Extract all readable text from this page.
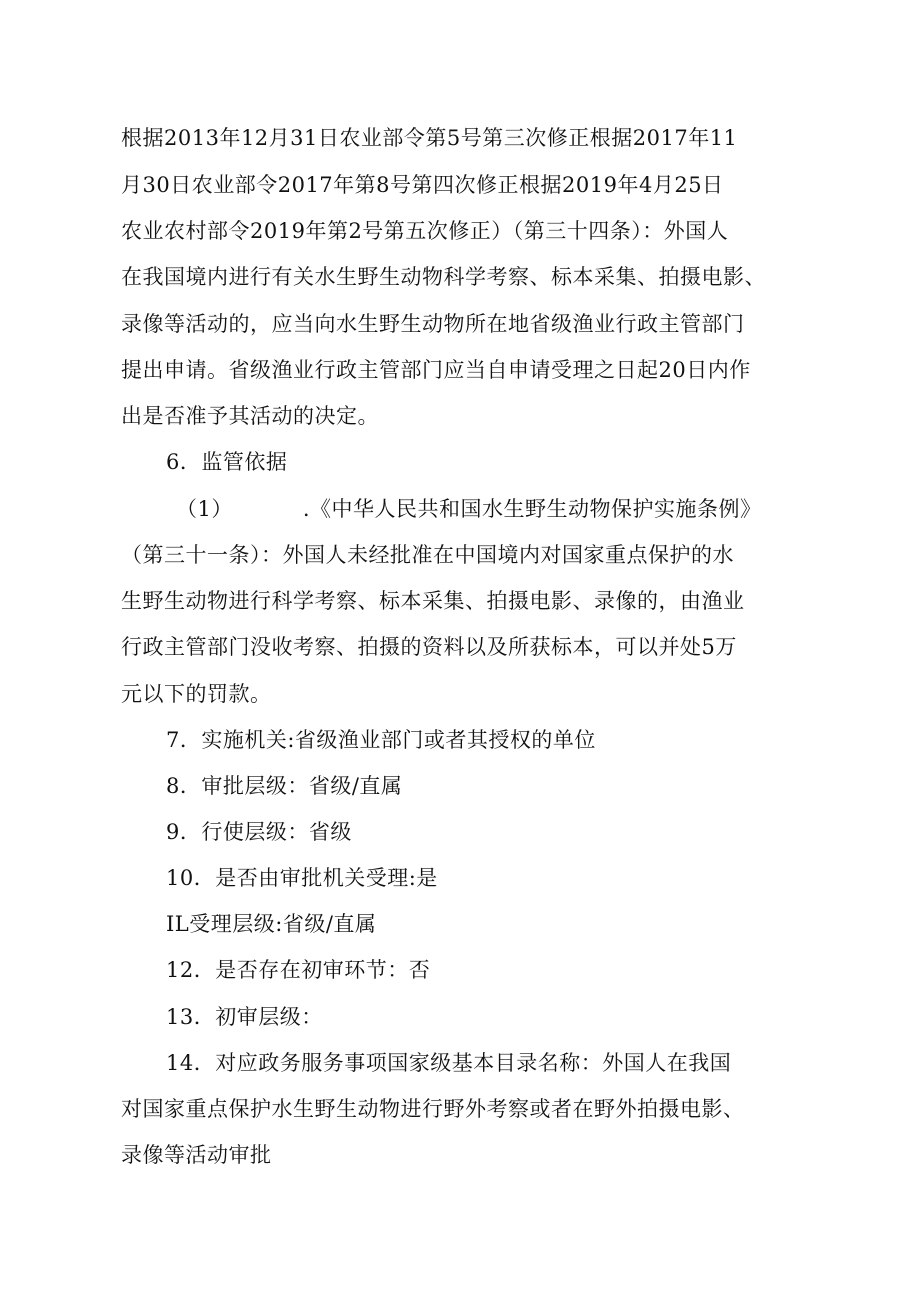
根据2013年12月31日农业部令第5号第三次修正根据2017年11
月30日农业部令2017年第8号第四次修正根据2019年4月25日
农业农村部令2019年第2号第五次修正）（第三十四条）：外国人
在我国境内进行有关水生野生动物科学考察、标本采集、拍摄电影、
录像等活动的，应当向水生野生动物所在地省级渔业行政主管部门
提出申请。省级渔业行政主管部门应当自申请受理之日起20日内作
出是否准予其活动的决定。
6．监管依据
（1）	.《中华人民共和国水生野生动物保护实施条例》
（第三十一条）：外国人未经批准在中国境内对国家重点保护的水
生野生动物进行科学考察、标本采集、拍摄电影、录像的，由渔业
行政主管部门没收考察、拍摄的资料以及所获标本，可以并处5万
元以下的罚款。
7．实施机关:省级渔业部门或者其授权的单位
8．审批层级：省级/直属
9．行使层级：省级
10．是否由审批机关受理:是
IL受理层级:省级/直属
12．是否存在初审环节：否
13．初审层级：
14．对应政务服务事项国家级基本目录名称：外国人在我国
对国家重点保护水生野生动物进行野外考察或者在野外拍摄电影、
录像等活动审批
